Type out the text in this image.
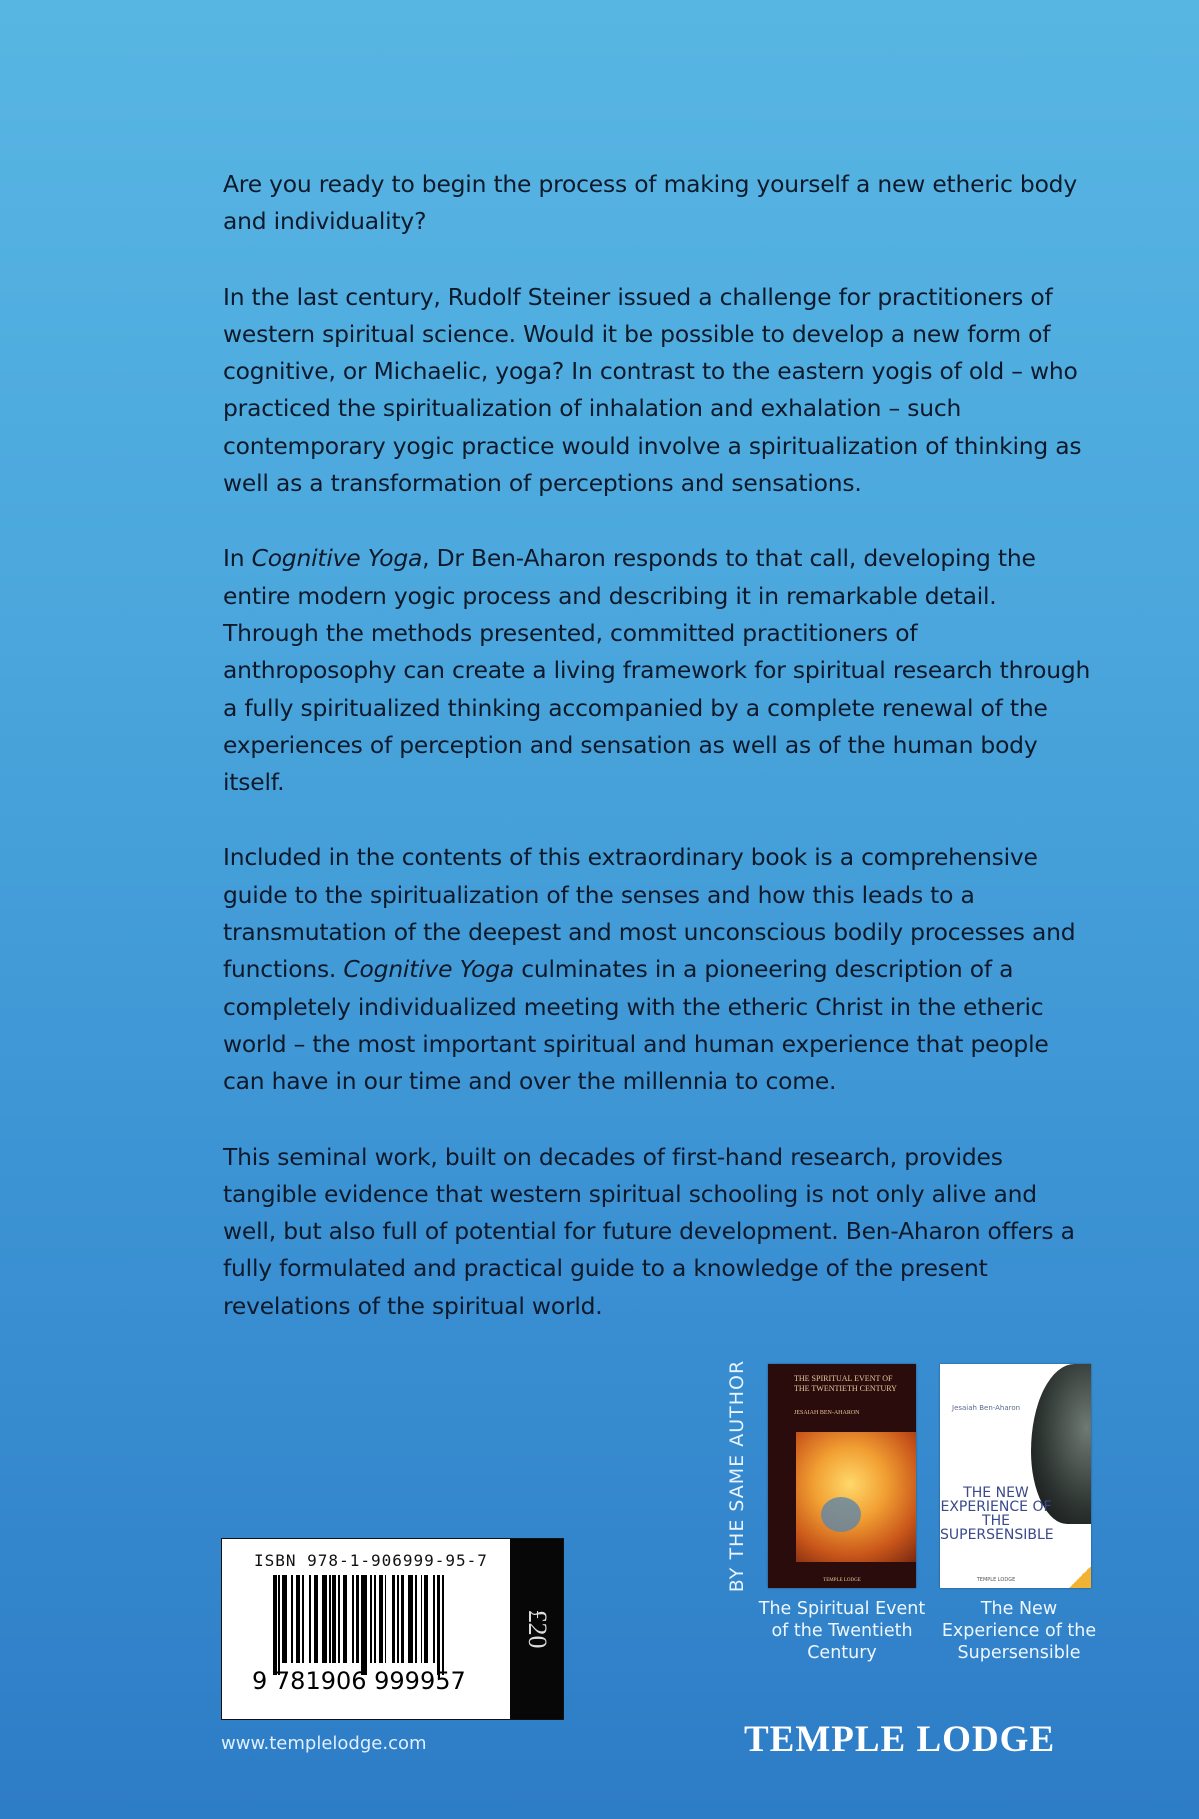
Are you ready to begin the process of making yourself a new etheric body and individuality?

In the last century, Rudolf Steiner issued a challenge for practitioners of western spiritual science. Would it be possible to develop a new form of cognitive, or Michaelic, yoga? In contrast to the eastern yogis of old – who practiced the spiritualization of inhalation and exhalation – such contemporary yogic practice would involve a spiritualization of thinking as well as a transformation of perceptions and sensations.

In Cognitive Yoga, Dr Ben-Aharon responds to that call, developing the entire modern yogic process and describing it in remarkable detail. Through the methods presented, committed practitioners of anthroposophy can create a living framework for spiritual research through a fully spiritualized thinking accompanied by a complete renewal of the experiences of perception and sensation as well as of the human body itself.

Included in the contents of this extraordinary book is a comprehensive guide to the spiritualization of the senses and how this leads to a transmutation of the deepest and most unconscious bodily processes and functions. Cognitive Yoga culminates in a pioneering description of a completely individualized meeting with the etheric Christ in the etheric world – the most important spiritual and human experience that people can have in our time and over the millennia to come.

This seminal work, built on decades of first-hand research, provides tangible evidence that western spiritual schooling is not only alive and well, but also full of potential for future development. Ben-Aharon offers a fully formulated and practical guide to a knowledge of the present revelations of the spiritual world.

BY THE SAME AUTHOR	THE SPIRITUAL EVENT OF THE TWENTIETH CENTURY
JESAIAH BEN-AHARON
TEMPLE LODGE
Jesaiah Ben-Aharon
THE NEW EXPERIENCE OF THE SUPERSENSIBLE
TEMPLE LODGE
The Spiritual Event of the Twentieth Century
The New Experience of the Supersensible
ISBN 978-1-906999-95-7
9 781906 999957
£20
www.templelodge.com	TEMPLE LODGE
